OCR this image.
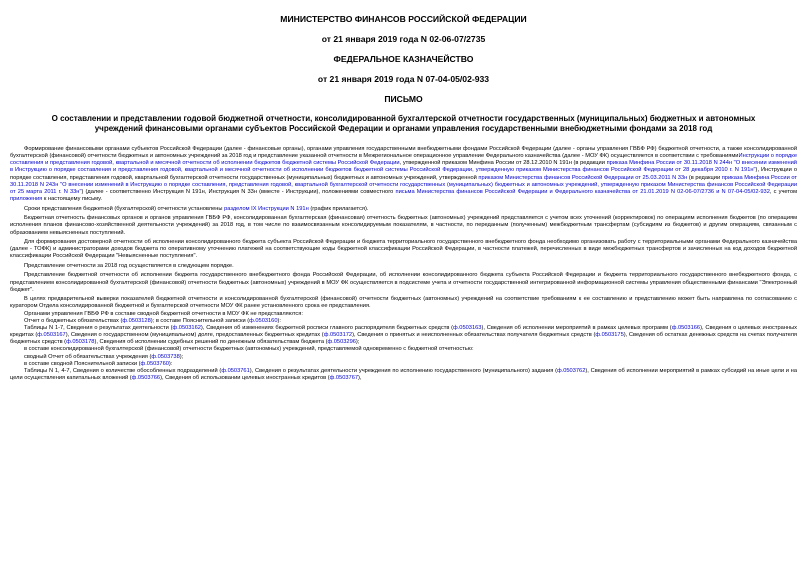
МИНИСТЕРСТВО ФИНАНСОВ РОССИЙСКОЙ ФЕДЕРАЦИИ
от 21 января 2019 года N 02-06-07/2735
ФЕДЕРАЛЬНОЕ КАЗНАЧЕЙСТВО
от 21 января 2019 года N 07-04-05/02-933
ПИСЬМО
О составлении и представлении годовой бюджетной отчетности, консолидированной бухгалтерской отчетности государственных (муниципальных) бюджетных и автономных учреждений финансовыми органами субъектов Российской Федерации и органами управления государственными внебюджетными фондами за 2018 год

Формирование финансовыми органами субъектов Российской Федерации (далее - финансовые органы), органами управления государственными внебюджетными фондами Российской Федерации (далее - органы управления ГВБФ РФ) бюджетной отчетности, а также консолидированной бухгалтерской (финансовой) отчетности бюджетных и автономных учреждений за 2018 год и представление указанной отчетности в Межрегиональное операционное управление Федерального казначейства (далее - МОУ ФК) осуществляется в соответствии с требованиямиИнструкции о порядке составления и представления годовой, квартальной и месячной отчетности об исполнении бюджетов бюджетной системы Российской Федерации, утвержденной приказом Минфина России от 28.12.2010 N 191н (в редакции приказа Минфина России от 30.11.2018 N 244н "О внесении изменений в Инструкцию о порядке составления и представления годовой, квартальной и месячной отчетности об исполнении бюджетов бюджетной системы Российской Федерации, утвержденную приказом Министерства финансов Российской Федерации от 28 декабря 2010 г. N 191н"), Инструкции о порядке составления, представления годовой, квартальной бухгалтерской отчетности государственных (муниципальных) бюджетных и автономных учреждений, утвержденной приказом Министерства финансов Российской Федерации от 25.03.2011 N 33н (в редакции приказа Минфина России от 30.11.2018 N 243н "О внесении изменений в Инструкцию о порядке составления, представления годовой, квартальной бухгалтерской отчетности государственных (муниципальных) бюджетных и автономных учреждений, утвержденную приказом Министерства финансов Российской Федерации от 25 марта 2011 г. N 33н") (далее - соответственно Инструкция N 191н, Инструкция N 33н (вместе - Инструкции), положениями совместного письма Министерства финансов Российской Федерации и Федерального казначейства от 21.01.2019 N 02-06-07/2736 и N 07-04-05/02-932, с учетом приложения к настоящему письму.

Сроки представления бюджетной (бухгалтерской) отчетности установлены разделом IX Инструкции N 191н (график прилагается).

Бюджетная отчетность финансовых органов и органов управления ГВБФ РФ, консолидированная бухгалтерская (финансовая) отчетность бюджетных (автономных) учреждений представляется с учетом всех уточнений (корректировок) по операциям исполнения бюджетов (по операциям исполнения планов финансово-хозяйственной деятельности учреждений) за 2018 год, в том числе по взаимосвязанным консолидируемым показателям, в частности, по переданным (полученным) межбюджетным трансфертам (субсидиям из бюджетов) и другим операциям, связанным с образованием невыясненных поступлений.

Для формирования достоверной отчетности об исполнении консолидированного бюджета субъекта Российской Федерации и бюджета территориального государственного внебюджетного фонда необходимо организовать работу с территориальными органами Федерального казначейства (далее - ТОФК) и администраторами доходов бюджета по оперативному уточнению платежей на соответствующие коды бюджетной классификации Российской Федерации, в частности платежей, перечисленных в виде межбюджетных трансфертов и зачисленных на код доходов бюджетной классификации Российской Федерации "Невыясненные поступления".

Представление отчетности за 2018 год осуществляется в следующем порядке.

Представление бюджетной отчетности об исполнении бюджета государственного внебюджетного фонда Российской Федерации, об исполнении консолидированного бюджета субъекта Российской Федерации и бюджета территориального государственного внебюджетного фонда, с представлением консолидированной бухгалтерской (финансовой) отчетности бюджетных (автономных) учреждений в МОУ ФК осуществляется в подсистеме учета и отчетности государственной интегрированной информационной системы управления общественными финансами "Электронный бюджет".

В целях предварительной выверки показателей бюджетной отчетности и консолидированной бухгалтерской (финансовой) отчетности бюджетных (автономных) учреждений на соответствие требованиям к ее составлению и представлению может быть направлена по согласованию с куратором Отдела консолидированной бюджетной и бухгалтерской отчетности МОУ ФК ранее установленного срока ее представления.

Органами управления ГВБФ РФ в составе сводной бюджетной отчетности в МОУ ФК не представляются:

Отчет о бюджетных обязательствах (ф.0503128); в составе Пояснительной записки (ф.0503160):

Таблицы N 1-7, Сведения о результатах деятельности (ф.0503162), Сведения об изменениях бюджетной росписи главного распорядителя бюджетных средств (ф.0503163), Сведения об исполнении мероприятий в рамках целевых программ (ф.0503166), Сведения о целевых иностранных кредитах (ф.0503167), Сведения о государственном (муниципальном) долге, предоставленных бюджетных кредитах (ф.0503172), Сведения о принятых и неисполненных обязательствах получателя бюджетных средств (ф.0503175), Сведения об остатках денежных средств на счетах получателя бюджетных средств (ф.0503178), Сведения об исполнении судебных решений по денежным обязательствам бюджета (ф.0503296);

в составе консолидированной бухгалтерской (финансовой) отчетности бюджетных (автономных) учреждений, представляемой одновременно с бюджетной отчетностью:

сводный Отчет об обязательствах учреждения (ф.0503738);

в составе сводной Пояснительной записки (ф.0503760):

Таблицы N 1, 4-7, Сведения о количестве обособленных подразделений (ф.0503761), Сведения о результатах деятельности учреждения по исполнению государственного (муниципального) задания (ф.0503762), Сведения об исполнении мероприятий в рамках субсидий на иные цели и на цели осуществления капитальных вложений (ф.0503766), Сведения об использовании целевых иностранных кредитов (ф.0503767),
